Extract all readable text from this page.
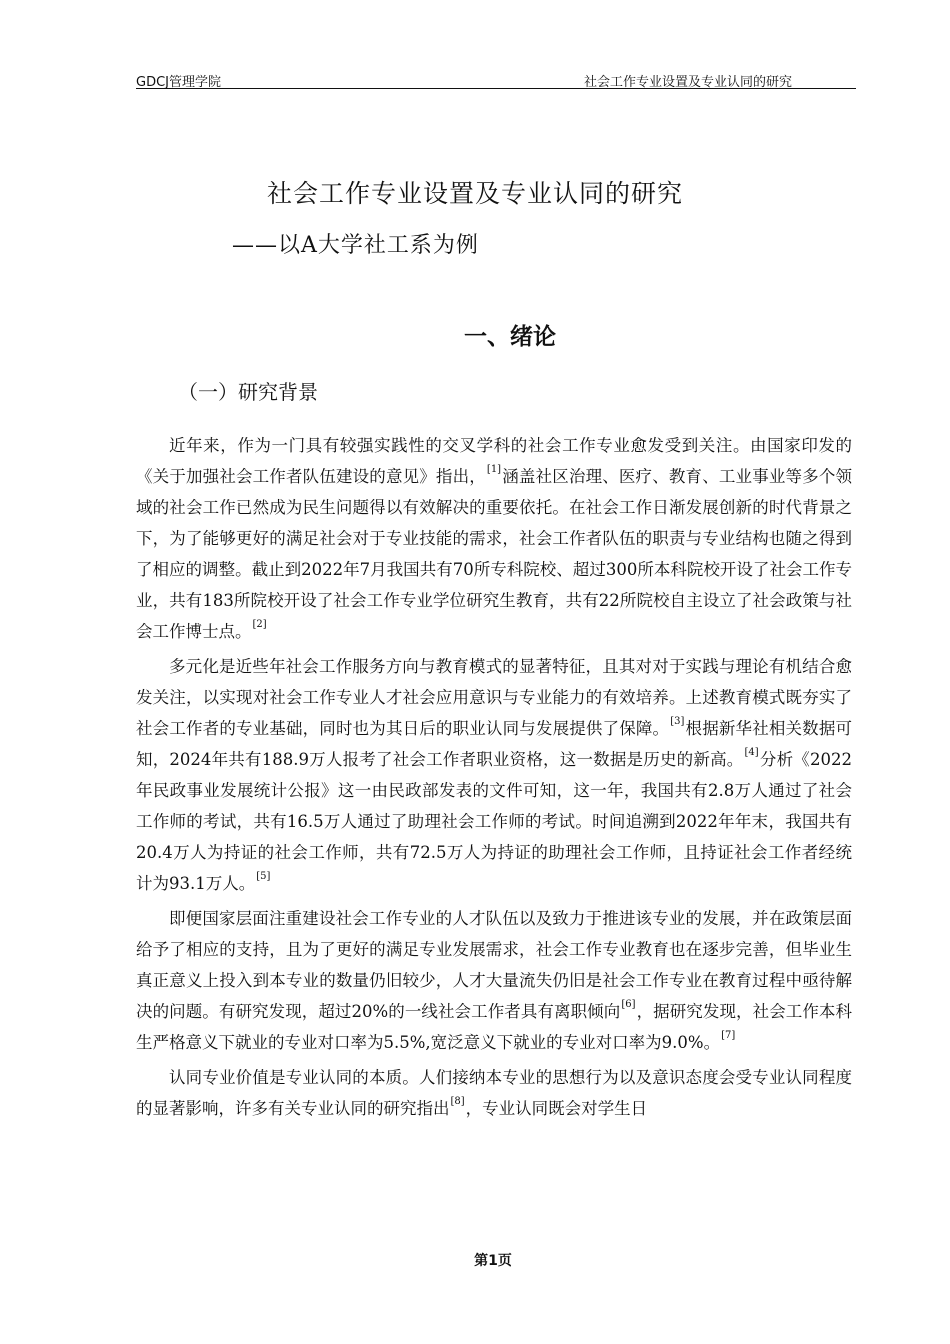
GDCJ管理学院	社会工作专业设置及专业认同的研究
社会工作专业设置及专业认同的研究
——以A大学社工系为例
一、绪论
（一）研究背景

近年来，作为一门具有较强实践性的交叉学科的社会工作专业愈发受到关注。由国家印发的《关于加强社会工作者队伍建设的意见》指出，[1]涵盖社区治理、医疗、教育、工业事业等多个领域的社会工作已然成为民生问题得以有效解决的重要依托。在社会工作日渐发展创新的时代背景之下，为了能够更好的满足社会对于专业技能的需求，社会工作者队伍的职责与专业结构也随之得到了相应的调整。截止到2022年7月我国共有70所专科院校、超过300所本科院校开设了社会工作专业，共有183所院校开设了社会工作专业学位研究生教育，共有22所院校自主设立了社会政策与社会工作博士点。[2]

多元化是近些年社会工作服务方向与教育模式的显著特征，且其对对于实践与理论有机结合愈发关注，以实现对社会工作专业人才社会应用意识与专业能力的有效培养。上述教育模式既夯实了社会工作者的专业基础，同时也为其日后的职业认同与发展提供了保障。[3]根据新华社相关数据可知，2024年共有188.9万人报考了社会工作者职业资格，这一数据是历史的新高。[4]分析《2022年民政事业发展统计公报》这一由民政部发表的文件可知，这一年，我国共有2.8万人通过了社会工作师的考试，共有16.5万人通过了助理社会工作师的考试。时间追溯到2022年年末，我国共有20.4万人为持证的社会工作师，共有72.5万人为持证的助理社会工作师，且持证社会工作者经统计为93.1万人。[5]

即便国家层面注重建设社会工作专业的人才队伍以及致力于推进该专业的发展，并在政策层面给予了相应的支持，且为了更好的满足专业发展需求，社会工作专业教育也在逐步完善，但毕业生真正意义上投入到本专业的数量仍旧较少，人才大量流失仍旧是社会工作专业在教育过程中亟待解决的问题。有研究发现，超过20%的一线社会工作者具有离职倾向[6]，据研究发现，社会工作本科生严格意义下就业的专业对口率为5.5%,宽泛意义下就业的专业对口率为9.0%。[7]

认同专业价值是专业认同的本质。人们接纳本专业的思想行为以及意识态度会受专业认同程度的显著影响，许多有关专业认同的研究指出[8]，专业认同既会对学生日

第1页
